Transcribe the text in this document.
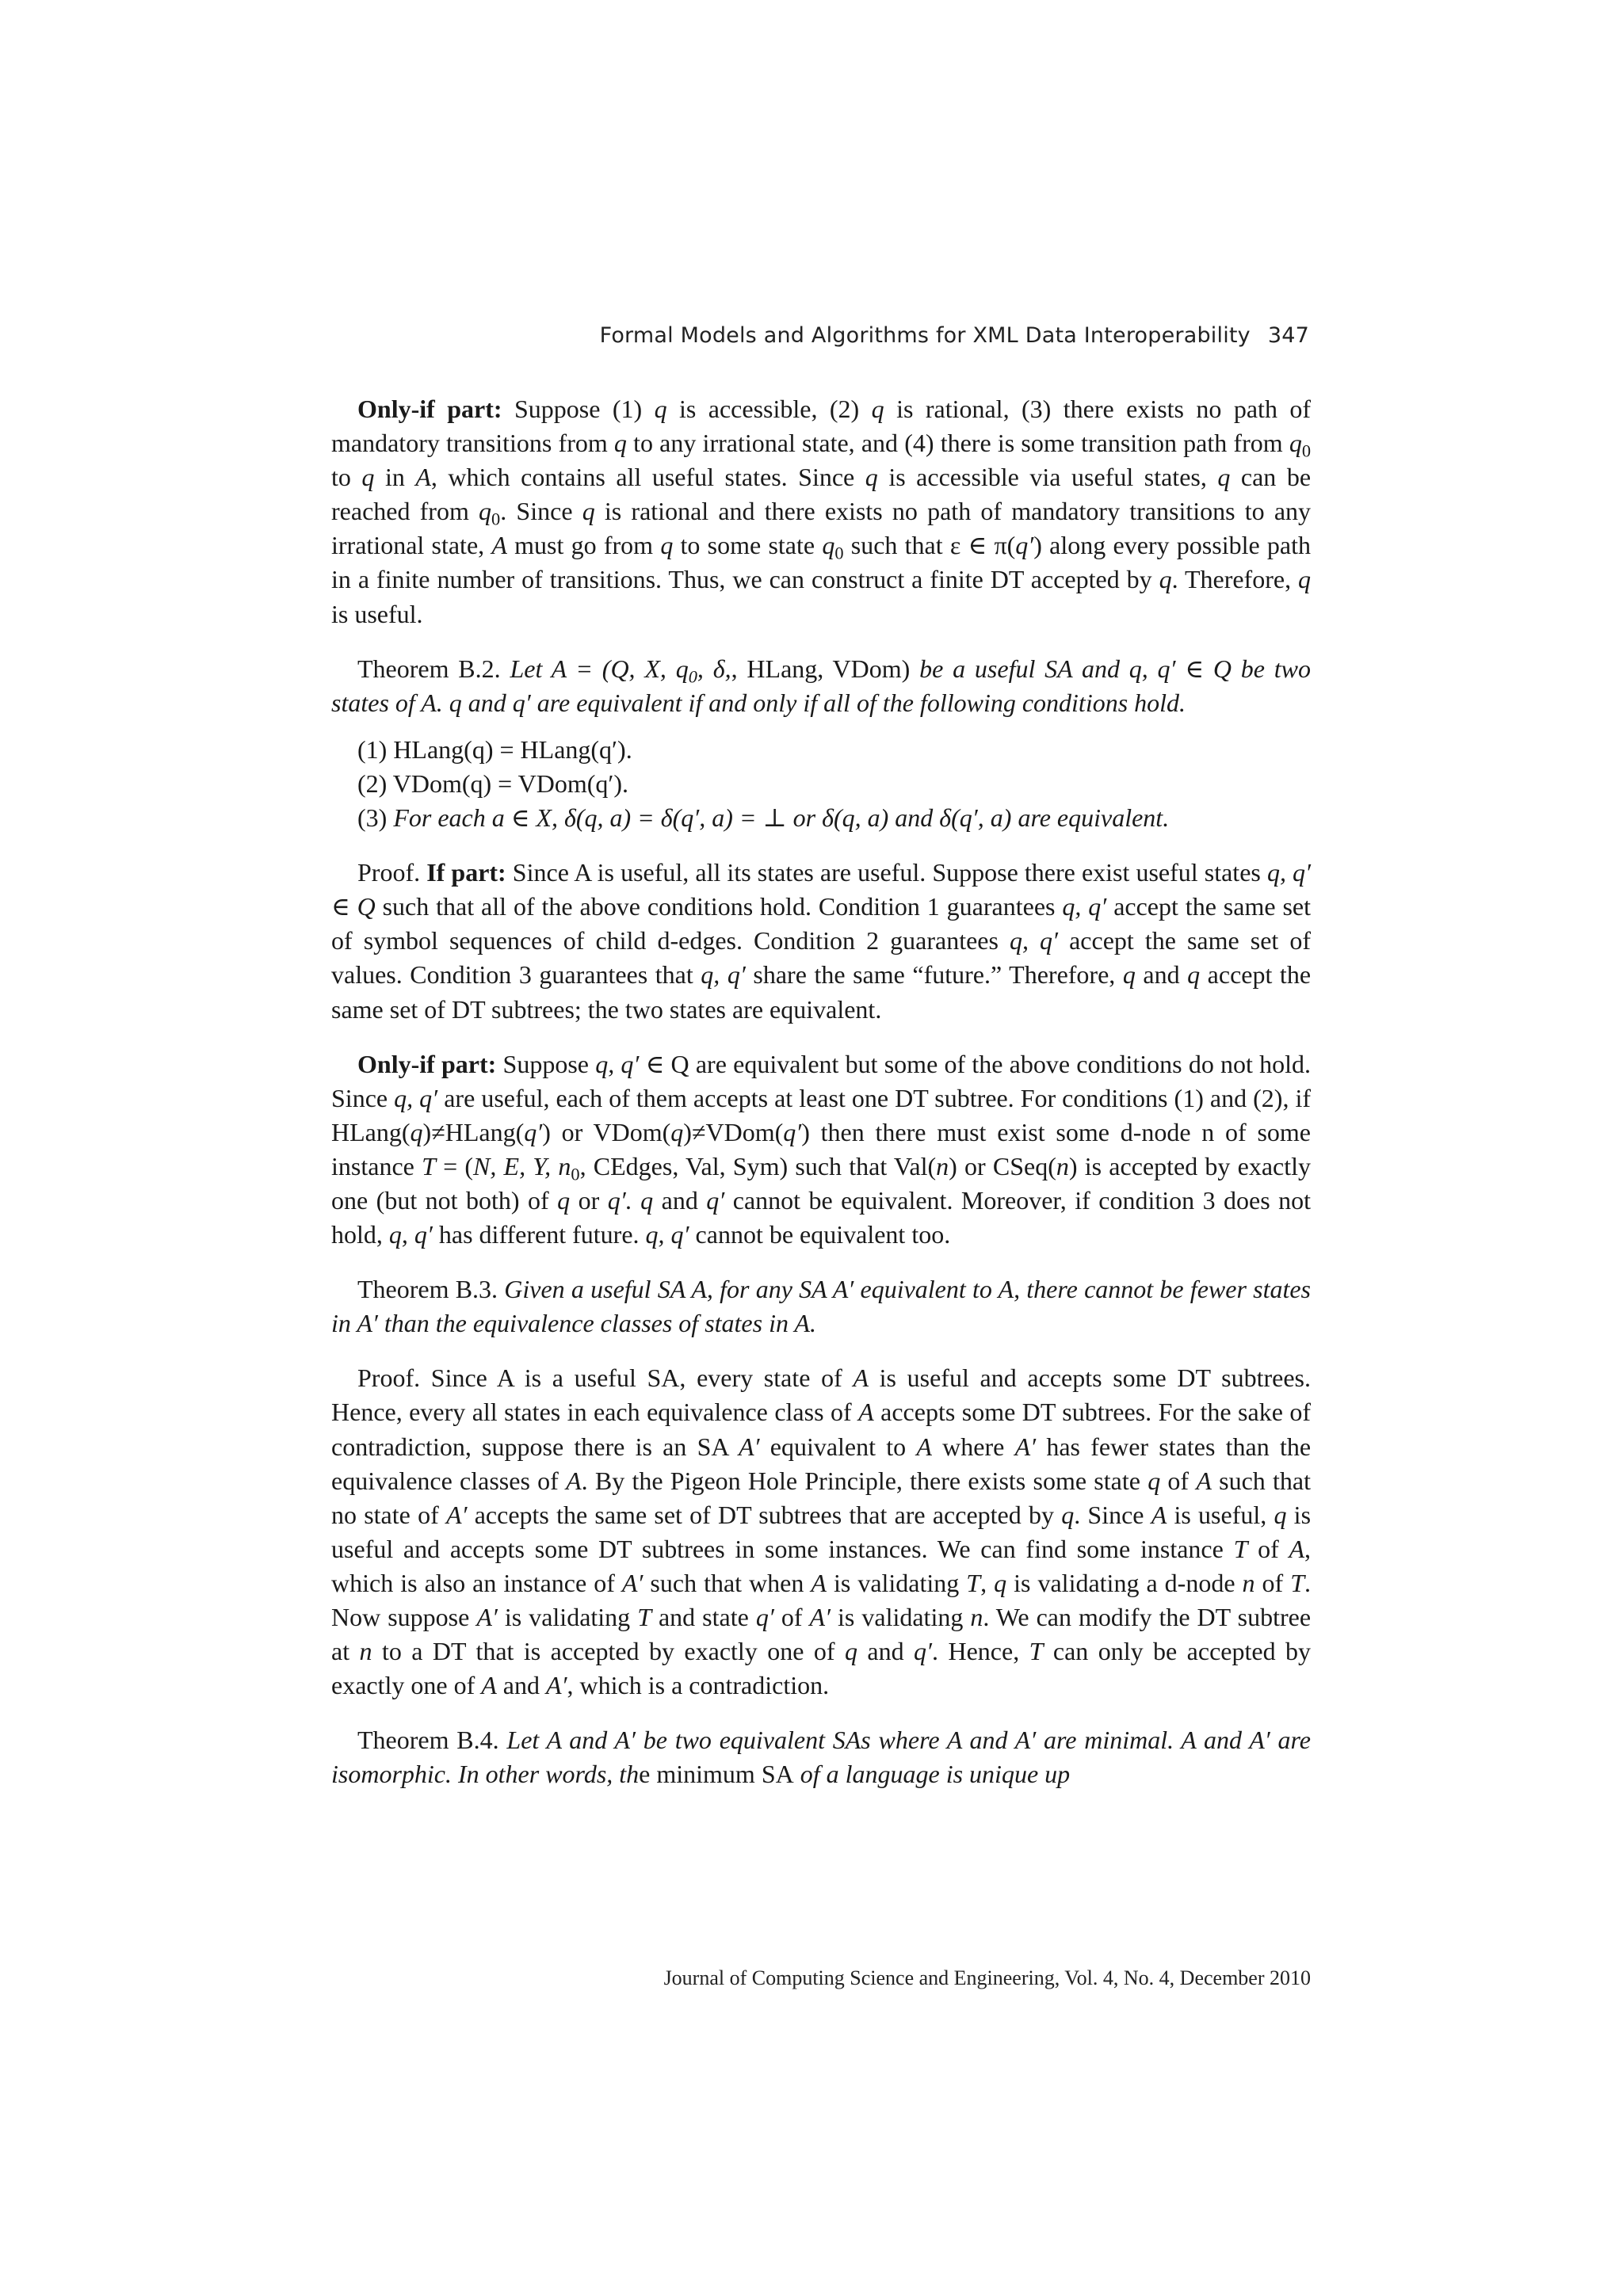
Formal Models and Algorithms for XML Data Interoperability 347

Only-if part: Suppose (1) q is accessible, (2) q is rational, (3) there exists no path of mandatory transitions from q to any irrational state, and (4) there is some transition path from $q_0$ to q in A, which contains all useful states. Since q is accessible via useful states, q can be reached from $q_0$. Since q is rational and there exists no path of mandatory transitions to any irrational state, A must go from q to some state $q_0$ such that ε ∈ π(q′) along every possible path in a finite number of transitions. Thus, we can construct a finite DT accepted by q. Therefore, q is useful.

Theorem B.2. Let A = (Q, X, $q_0$, δ,, HLang, VDom) be a useful SA and q, q′ ∈ Q be two states of A. q and q′ are equivalent if and only if all of the following conditions hold.

(1) HLang(q) = HLang(q′).
(2) VDom(q) = VDom(q′).
(3) For each a ∈ X, δ(q, a) = δ(q′, a) = ⊥ or δ(q, a) and δ(q′, a) are equivalent.

Proof. If part: Since A is useful, all its states are useful. Suppose there exist useful states q, q′ ∈ Q such that all of the above conditions hold. Condition 1 guarantees q, q′ accept the same set of symbol sequences of child d-edges. Condition 2 guarantees q, q′ accept the same set of values. Condition 3 guarantees that q, q′ share the same “future.” Therefore, q and q accept the same set of DT subtrees; the two states are equivalent.

Only-if part: Suppose q, q′ ∈ Q are equivalent but some of the above conditions do not hold. Since q, q′ are useful, each of them accepts at least one DT subtree. For conditions (1) and (2), if HLang(q)≠HLang(q′) or VDom(q)≠VDom(q′) then there must exist some d-node n of some instance T = (N, E, Y, $n_0$, CEdges, Val, Sym) such that Val(n) or CSeq(n) is accepted by exactly one (but not both) of q or q′. q and q′ cannot be equivalent. Moreover, if condition 3 does not hold, q, q′ has different future. q, q′ cannot be equivalent too.

Theorem B.3. Given a useful SA A, for any SA A′ equivalent to A, there cannot be fewer states in A′ than the equivalence classes of states in A.

Proof. Since A is a useful SA, every state of A is useful and accepts some DT subtrees. Hence, every all states in each equivalence class of A accepts some DT subtrees. For the sake of contradiction, suppose there is an SA A′ equivalent to A where A′ has fewer states than the equivalence classes of A. By the Pigeon Hole Principle, there exists some state q of A such that no state of A′ accepts the same set of DT subtrees that are accepted by q. Since A is useful, q is useful and accepts some DT subtrees in some instances. We can find some instance T of A, which is also an instance of A′ such that when A is validating T, q is validating a d-node n of T. Now suppose A′ is validating T and state q′ of A′ is validating n. We can modify the DT subtree at n to a DT that is accepted by exactly one of q and q′. Hence, T can only be accepted by exactly one of A and A′, which is a contradiction.

Theorem B.4. Let A and A′ be two equivalent SAs where A and A′ are minimal. A and A′ are isomorphic. In other words, the minimum SA of a language is unique up

Journal of Computing Science and Engineering, Vol. 4, No. 4, December 2010
